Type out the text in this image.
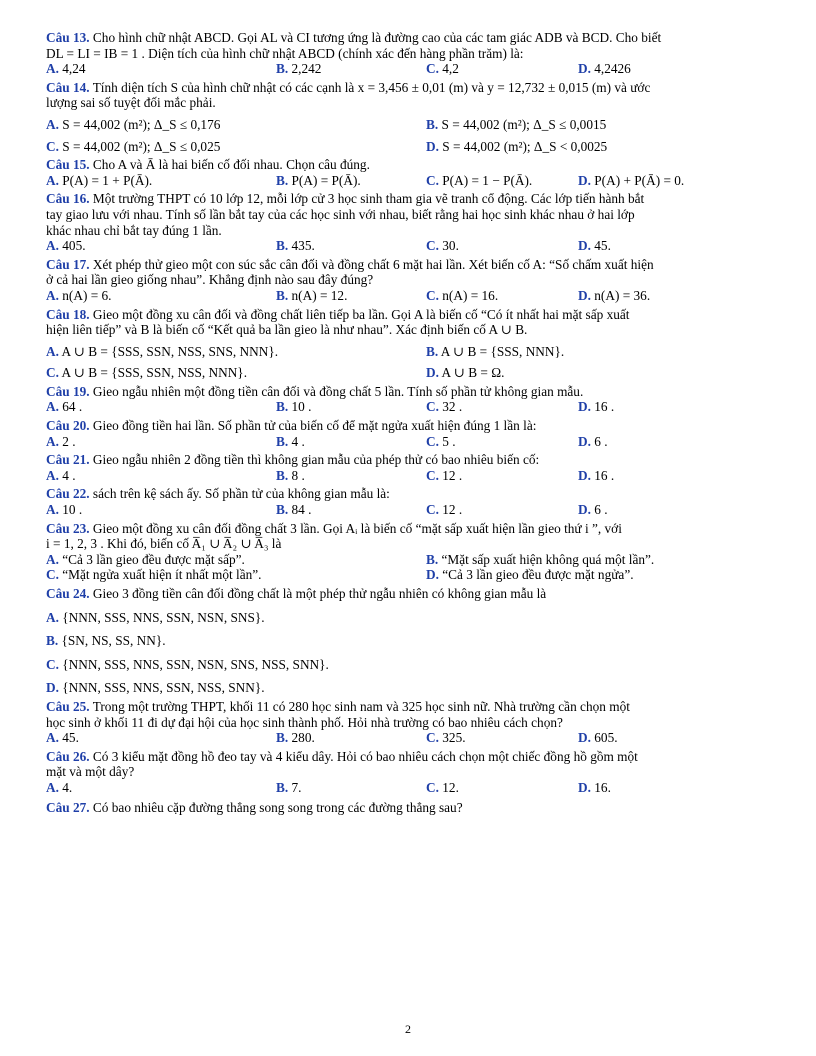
Câu 13. Cho hình chữ nhật ABCD. Gọi AL và CI tương ứng là đường cao của các tam giác ADB và BCD. Cho biết
DL = LI = IB = 1 . Diện tích của hình chữ nhật ABCD (chính xác đến hàng phần trăm) là:
A. 4,24	B. 2,242	C. 4,2	D. 4,2426
Câu 14. Tính diện tích S của hình chữ nhật có các cạnh là x = 3,456 ± 0,01 (m) và y = 12,732 ± 0,015 (m) và ước
lượng sai số tuyệt đối mắc phải.
A. S = 44,002 (m²); Δ_S ≤ 0,176	B. S = 44,002 (m²); Δ_S ≤ 0,0015
C. S = 44,002 (m²); Δ_S ≤ 0,025	D. S = 44,002 (m²); Δ_S < 0,0025
Câu 15. Cho A và Ā là hai biến cố đối nhau. Chọn câu đúng.
A. P(A) = 1 + P(Ā).	B. P(A) = P(Ā).	C. P(A) = 1 − P(Ā).	D. P(A) + P(Ā) = 0.
Câu 16. Một trường THPT có 10 lớp 12, mỗi lớp cử 3 học sinh tham gia vẽ tranh cổ động. Các lớp tiến hành bắt
tay giao lưu với nhau. Tính số lần bắt tay của các học sinh với nhau, biết rằng hai học sinh khác nhau ở hai lớp
khác nhau chỉ bắt tay đúng 1 lần.
A. 405.	B. 435.	C. 30.	D. 45.
Câu 17. Xét phép thử gieo một con súc sắc cân đối và đồng chất 6 mặt hai lần. Xét biến cố A: “Số chấm xuất hiện
ở cả hai lần gieo giống nhau”. Khẳng định nào sau đây đúng?
A. n(A) = 6.	B. n(A) = 12.	C. n(A) = 16.	D. n(A) = 36.
Câu 18. Gieo một đồng xu cân đối và đồng chất liên tiếp ba lần. Gọi A là biến cố “Có ít nhất hai mặt sấp xuất
hiện liên tiếp” và B là biến cố “Kết quả ba lần gieo là như nhau”. Xác định biến cố A ∪ B.
A. A ∪ B = {SSS, SSN, NSS, SNS, NNN}.	B. A ∪ B = {SSS, NNN}.
C. A ∪ B = {SSS, SSN, NSS, NNN}.	D. A ∪ B = Ω.
Câu 19. Gieo ngẫu nhiên một đồng tiền cân đối và đồng chất 5 lần. Tính số phần tử không gian mẫu.
A. 64 .	B. 10 .	C. 32 .	D. 16 .
Câu 20. Gieo đồng tiền hai lần. Số phần tử của biến cố để mặt ngửa xuất hiện đúng 1 lần là:
A. 2 .	B. 4 .	C. 5 .	D. 6 .
Câu 21. Gieo ngẫu nhiên 2 đồng tiền thì không gian mẫu của phép thử có bao nhiêu biến cố:
A. 4 .	B. 8 .	C. 12 .	D. 16 .
Câu 22. sách trên kệ sách ấy. Số phần tử của không gian mẫu là:
A. 10 .	B. 84 .	C. 12 .	D. 6 .
Câu 23. Gieo một đồng xu cân đối đồng chất 3 lần. Gọi Aᵢ là biến cố “mặt sấp xuất hiện lần gieo thứ i ”, với
i = 1, 2, 3 . Khi đó, biến cố A̅₁ ∪ A̅₂ ∪ A̅₃ là
A. “Cả 3 lần gieo đều được mặt sấp”.	B. “Mặt sấp xuất hiện không quá một lần”.
C. “Mặt ngửa xuất hiện ít nhất một lần”.	D. “Cả 3 lần gieo đều được mặt ngửa”.
Câu 24. Gieo 3 đồng tiền cân đối đồng chất là một phép thử ngẫu nhiên có không gian mẫu là
A. {NNN, SSS, NNS, SSN, NSN, SNS}.
B. {SN, NS, SS, NN}.
C. {NNN, SSS, NNS, SSN, NSN, SNS, NSS, SNN}.
D. {NNN, SSS, NNS, SSN, NSS, SNN}.
Câu 25. Trong một trường THPT, khối 11 có 280 học sinh nam và 325 học sinh nữ. Nhà trường cần chọn một
học sinh ở khối 11 đi dự đại hội của học sinh thành phố. Hỏi nhà trường có bao nhiêu cách chọn?
A. 45.	B. 280.	C. 325.	D. 605.
Câu 26. Có 3 kiểu mặt đồng hồ đeo tay và 4 kiểu dây. Hỏi có bao nhiêu cách chọn một chiếc đồng hồ gồm một
mặt và một dây?
A. 4.	B. 7.	C. 12.	D. 16.
Câu 27. Có bao nhiêu cặp đường thẳng song song trong các đường thẳng sau?
2
